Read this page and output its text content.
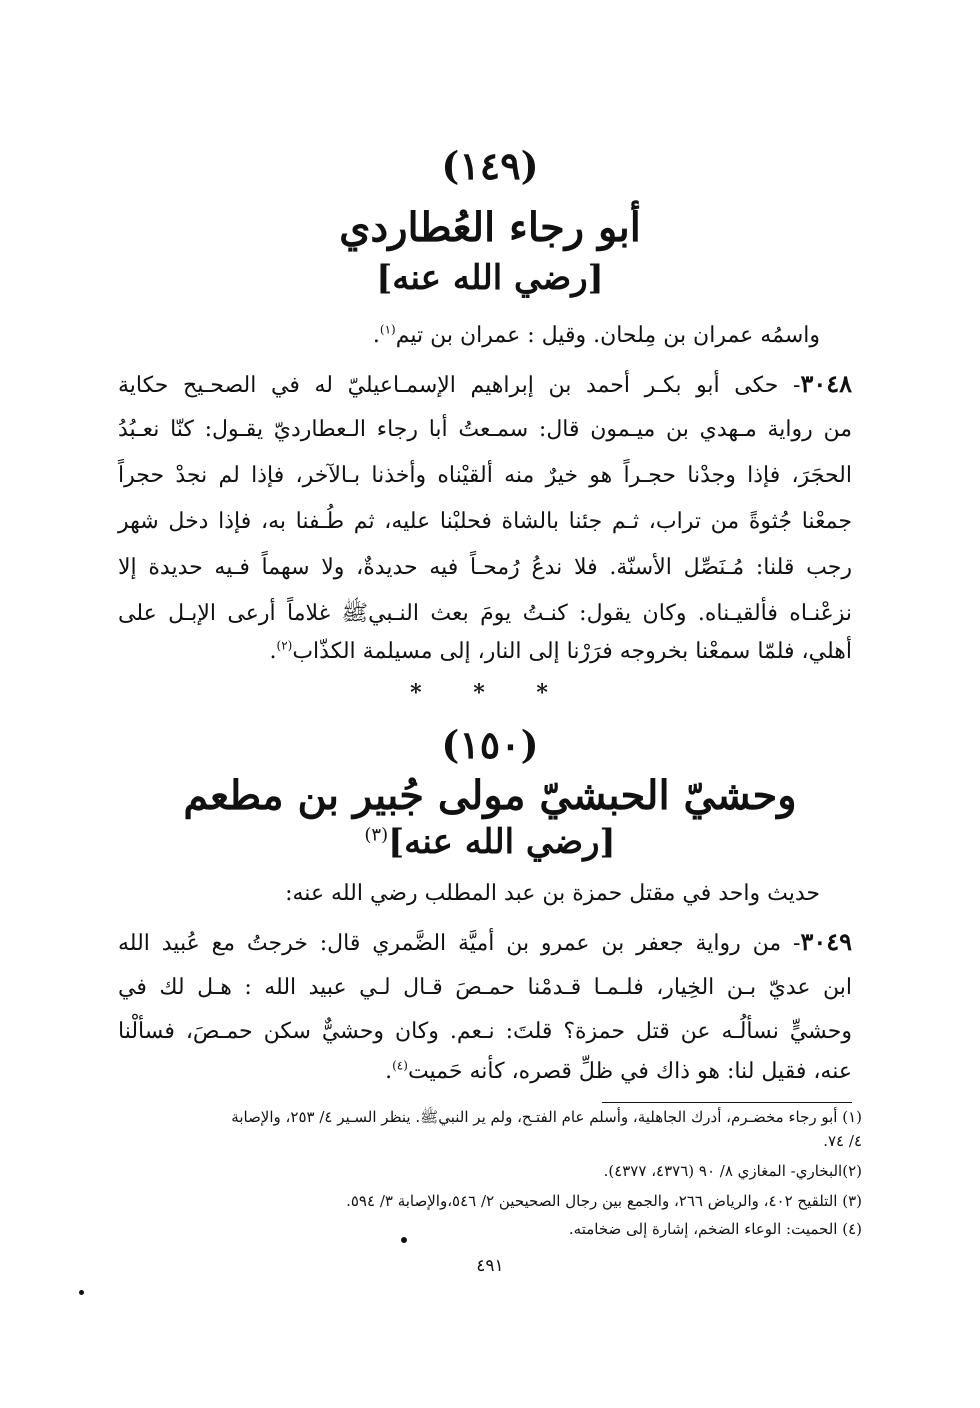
(١٤٩)
أبو رجاء العُطاردي
[رضي الله عنه]
واسمُه عمران بن مِلحان. وقيل : عمران بن تيم$^{(١)}$.
٣٠٤٨- حكى أبو بكـر أحمد بن إبراهيم الإسمـاعيليّ له في الصحـيح حكاية
من رواية مـهدي بن ميـمون قال: سمـعتُ أبا رجاء الـعطارديّ يقـول: كنّا نعـبُدُ
الحجَرَ، فإذا وجدْنا حجـراً هو خيرٌ منه ألقيْناه وأخذنا بـالآخر، فإذا لم نجدْ حجراً
جمعْنا جُثوةً من تراب، ثـم جئنا بالشاة فحلبْنا عليه، ثم طُـفنا به، فإذا دخل شهر
رجب قلنا: مُـنَصِّل الأسنّة. فلا ندعُ رُمحـاً فيه حديدةٌ، ولا سهماً فـيه حديدة إلا
نزعْنـاه فألقيـناه. وكان يقول: كنـتُ يومَ بعث النـبيﷺ غلاماً أرعى الإبـل على
أهلي، فلمّا سمعْنا بخروجه فرَرْنا إلى النار، إلى مسيلمة الكذّاب$^{(٢)}$.
* * *
(١٥٠)
وحشيّ الحبشيّ مولى جُبير بن مطعم
[رضي الله عنه]$^{(٣)}$
حديث واحد في مقتل حمزة بن عبد المطلب رضي الله عنه:
٣٠٤٩- من رواية جعفر بن عمرو بن أميَّة الضَّمري قال: خرجتُ مع عُبيد الله
ابن عديّ بـن الخِيار، فلـمـا قـدمْنا حمـصَ قـال لـي عبيد الله : هـل لك في
وحشيٍّ نسألُـه عن قتل حمزة؟ قلتَ: نـعم. وكان وحشيٌّ سكن حمـصَ، فسألْنا
عنه، فقيل لنا: هو ذاك في ظلِّ قصره، كأنه حَميت$^{(٤)}$.
(١) أبو رجاء مخضـرم، أدرك الجاهلية، وأسلم عام الفتـح، ولم ير النبيﷺ. ينظر السـير ٤/ ٢٥٣، والإصابة
٤/ ٧٤.
(٢)البخاري- المغازي ٨/ ٩٠ (٤٣٧٦، ٤٣٧٧).
(٣) التلقيح ٤٠٢، والرياض ٢٦٦، والجمع بين رجال الصحيحين ٢/ ٥٤٦،والإصابة ٣/ ٥٩٤.
(٤) الحميت: الوعاء الضخم، إشارة إلى ضخامته.
٤٩١
